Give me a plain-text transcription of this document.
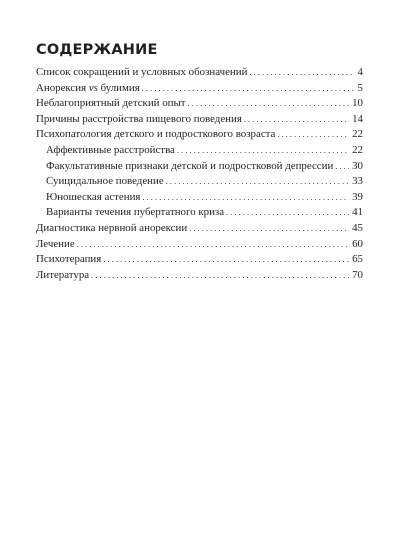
СОДЕРЖАНИЕ
Список сокращений и условных обозначений .....	4
Анорексия vs булимия .....	5
Неблагоприятный детский опыт .....	10
Причины расстройства пищевого поведения .....	14
Психопатология детского и подросткового возраста .....	22
Аффективные расстройства .....	22
Факультативные признаки детской и подростковой депрессии ..... 30
Суицидальное поведение .....	33
Юношеская астения .....	39
Варианты течения пубертатного криза .....	41
Диагностика нервной анорексии .....	45
Лечение .....	60
Психотерапия .....	65
Литература .....	70
